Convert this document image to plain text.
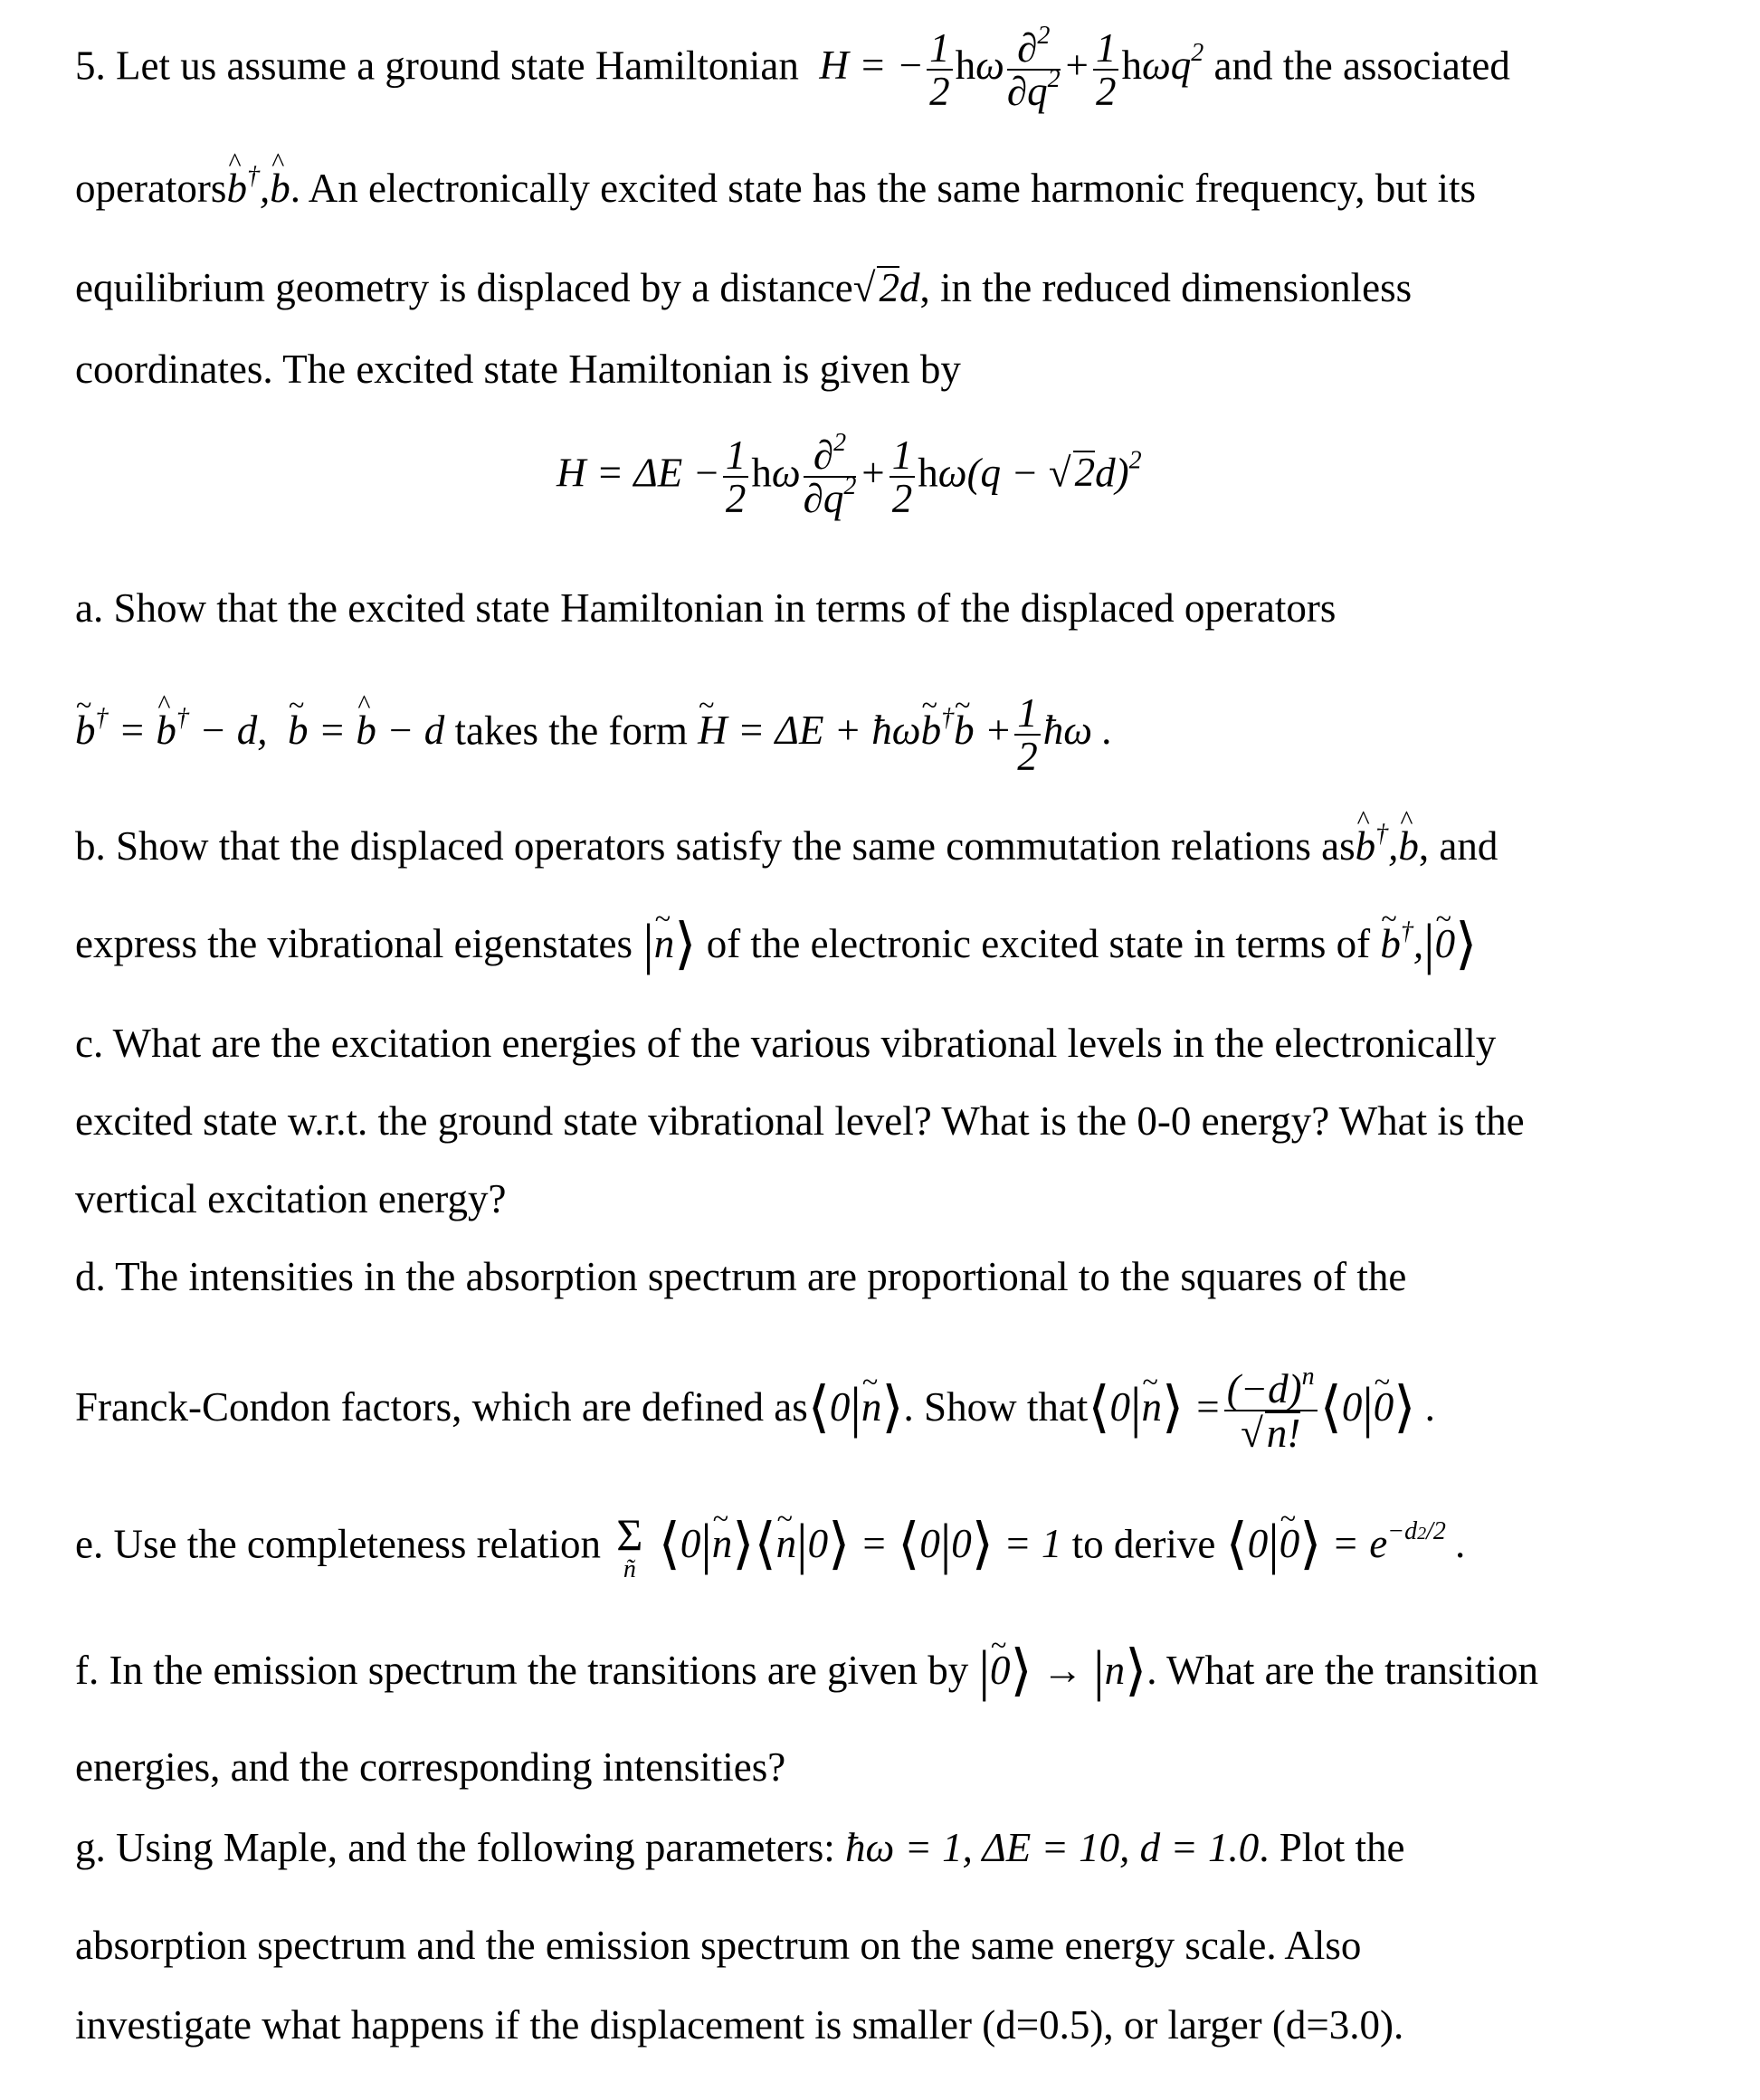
5. Let us assume a ground state Hamiltonian  H = − $\frac{1}{2}$ hω $\frac{\partial^2}{\partial q^2} + \frac{1}{2} h\omega q^2$ and the associated
operators^ b†,^ b. An electronically excited state has the same harmonic frequency, but its
equilibrium geometry is displaced by a distance√2d, in the reduced dimensionless
coordinates. The excited state Hamiltonian is given by
$H = \Delta E - \frac{1}{2}$ hω $\frac{\partial^2}{\partial q^2} + \frac{1}{2} h\omega(q - √2d)^2$
a. Show that the excited state Hamiltonian in terms of the displaced operators
~ b† = ^ b† − d,  ~ b = ^ b − d takes the form ~ H = ΔE + ħω~ b†~ $b + \frac{1}{2}$ ħω .
b. Show that the displaced operators satisfy the same commutation relations as^ b†,^ b, and
express the vibrational eigenstates |~ n⟩ of the electronic excited state in terms of ~ b†,|~ 0⟩
c. What are the excitation energies of the various vibrational levels in the electronically
excited state w.r.t. the ground state vibrational level? What is the 0-0 energy? What is the
vertical excitation energy?
d. The intensities in the absorption spectrum are proportional to the squares of the
Franck-Condon factors, which are defined as⟨0|~ n⟩. Show that⟨0|~ n⟩ = $\frac{(-d)^n}{√n!}$ ⟨0|~ 0⟩ .
e. Use the completeness relation Σ
ñ ⟨0|~ n⟩⟨~ n|0⟩ = ⟨0|0⟩ = 1 to derive ⟨0|~ 0⟩ = $e^{-d2/2}$ .
f. In the emission spectrum the transitions are given by |~ 0⟩ → |n⟩. What are the transition
energies, and the corresponding intensities?
g. Using Maple, and the following parameters: ħω = 1, ΔE = 10, d = 1.0. Plot the
absorption spectrum and the emission spectrum on the same energy scale. Also
investigate what happens if the displacement is smaller (d=0.5), or larger (d=3.0).
